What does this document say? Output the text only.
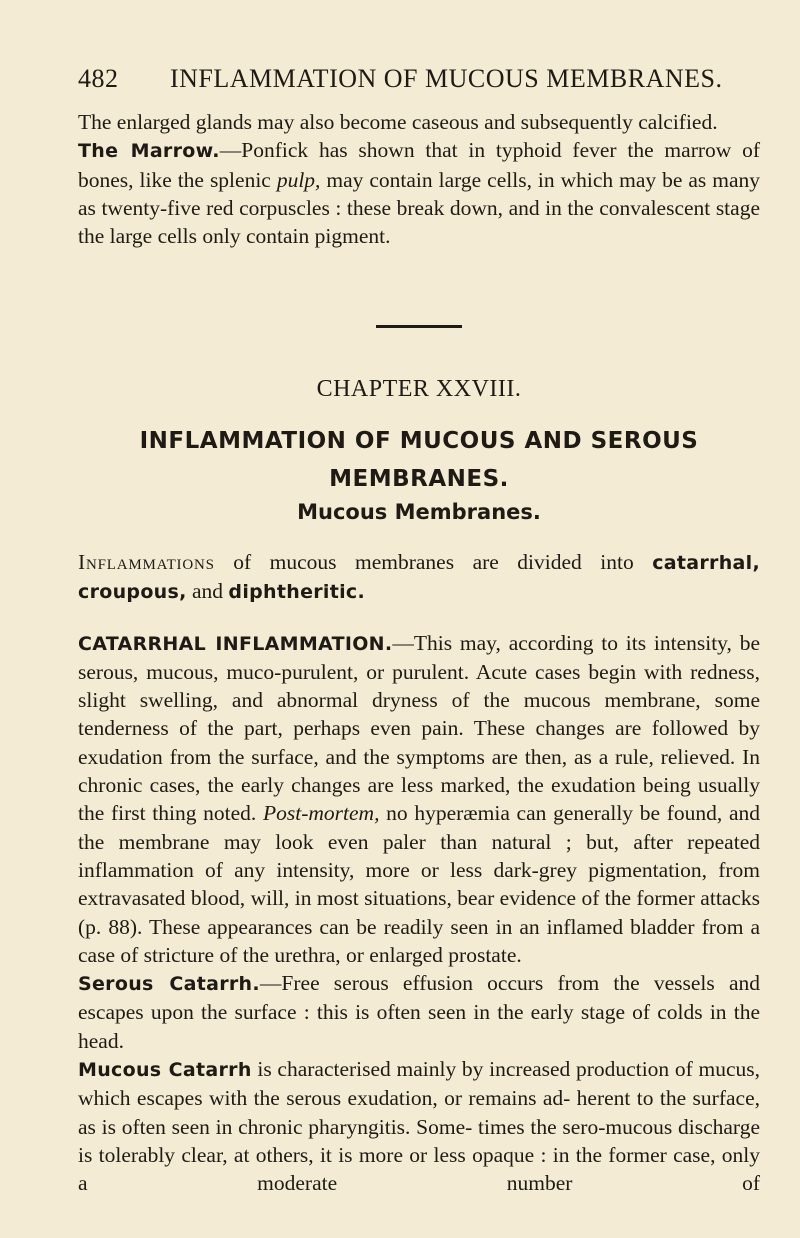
482 INFLAMMATION OF MUCOUS MEMBRANES.

The enlarged glands may also become caseous and subsequently calcified.

The Marrow.—Ponfick has shown that in typhoid fever the marrow of bones, like the splenic pulp, may contain large cells, in which may be as many as twenty-five red corpuscles : these break down, and in the convalescent stage the large cells only contain pigment.

CHAPTER XXVIII.
INFLAMMATION OF MUCOUS AND SEROUS
MEMBRANES.
Mucous Membranes.

Inflammations of mucous membranes are divided into catarrhal, croupous, and diphtheritic.

CATARRHAL INFLAMMATION.—This may, according to its intensity, be serous, mucous, muco-purulent, or purulent. Acute cases begin with redness, slight swelling, and abnormal dryness of the mucous membrane, some tenderness of the part, perhaps even pain. These changes are followed by exudation from the surface, and the symptoms are then, as a rule, relieved. In chronic cases, the early changes are less marked, the exudation being usually the first thing noted. Post-mortem, no hyperæmia can generally be found, and the membrane may look even paler than natural ; but, after repeated inflammation of any intensity, more or less dark-grey pigmentation, from extravasated blood, will, in most situations, bear evidence of the former attacks (p. 88). These appearances can be readily seen in an inflamed bladder from a case of stricture of the urethra, or enlarged prostate.

Serous Catarrh.—Free serous effusion occurs from the vessels and escapes upon the surface : this is often seen in the early stage of colds in the head.

Mucous Catarrh is characterised mainly by increased production of mucus, which escapes with the serous exudation, or remains ad- herent to the surface, as is often seen in chronic pharyngitis. Some- times the sero-mucous discharge is tolerably clear, at others, it is more or less opaque : in the former case, only a moderate number of
